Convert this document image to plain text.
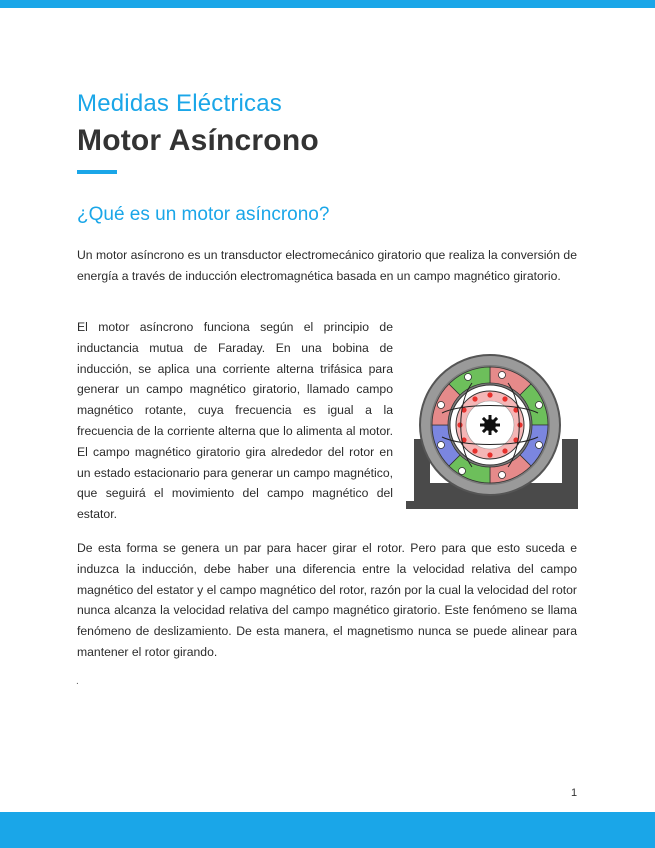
Medidas Eléctricas
Motor Asíncrono
¿Qué es un motor asíncrono?

Un motor asíncrono es un transductor electromecánico giratorio que realiza la conversión de energía a través de inducción electromagnética basada en un campo magnético giratorio.

El motor asíncrono funciona según el principio de inductancia mutua de Faraday. En una bobina de inducción, se aplica una corriente alterna trifásica para generar un campo magnético giratorio, llamado campo magnético rotante, cuya frecuencia es igual a la frecuencia de la corriente alterna que lo alimenta al motor. El campo magnético giratorio gira alrededor del rotor en un estado estacionario para generar un campo magnético, que seguirá el movimiento del campo magnético del estator.

De esta forma se genera un par para hacer girar el rotor. Pero para que esto suceda e induzca la inducción, debe haber una diferencia entre la velocidad relativa del campo magnético del estator y el campo magnético del rotor, razón por la cual la velocidad del rotor nunca alcanza la velocidad relativa del campo magnético giratorio. Este fenómeno se llama fenómeno de deslizamiento. De esta manera, el magnetismo nunca se puede alinear para mantener el rotor girando.

.
1
